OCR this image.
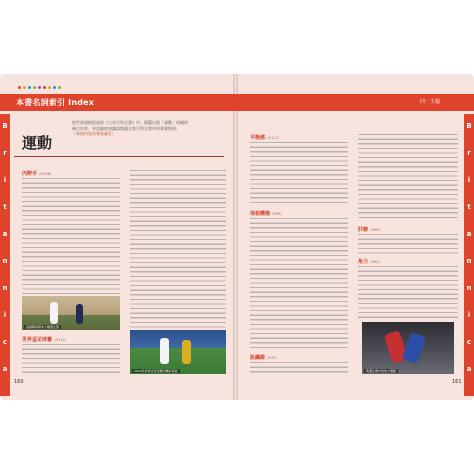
本書名詞索引 Index	同一主題
B
r
i
t
a
n
n
i
c
a
B
r
i
t
a
n
n
i
c
a
從世界規模最高的《大英百科全書》中，精選出與「運動」相關的
條目內容。更詳細的知識請閱讀全套百科全書中的專業資料。
（本冊內容由專家審訂）
運動
內野手（P.108）
美國職業棒球大聯盟比賽
世界盃足球賽（P.112）
2014年世界盃足球賽的精彩畫面
160
平衡感（P.117）
地板體操（P.95）
肌纖維（P.47）
肝糖（P.69）
角力（P.62）
奧運比賽中的角力運動
161
